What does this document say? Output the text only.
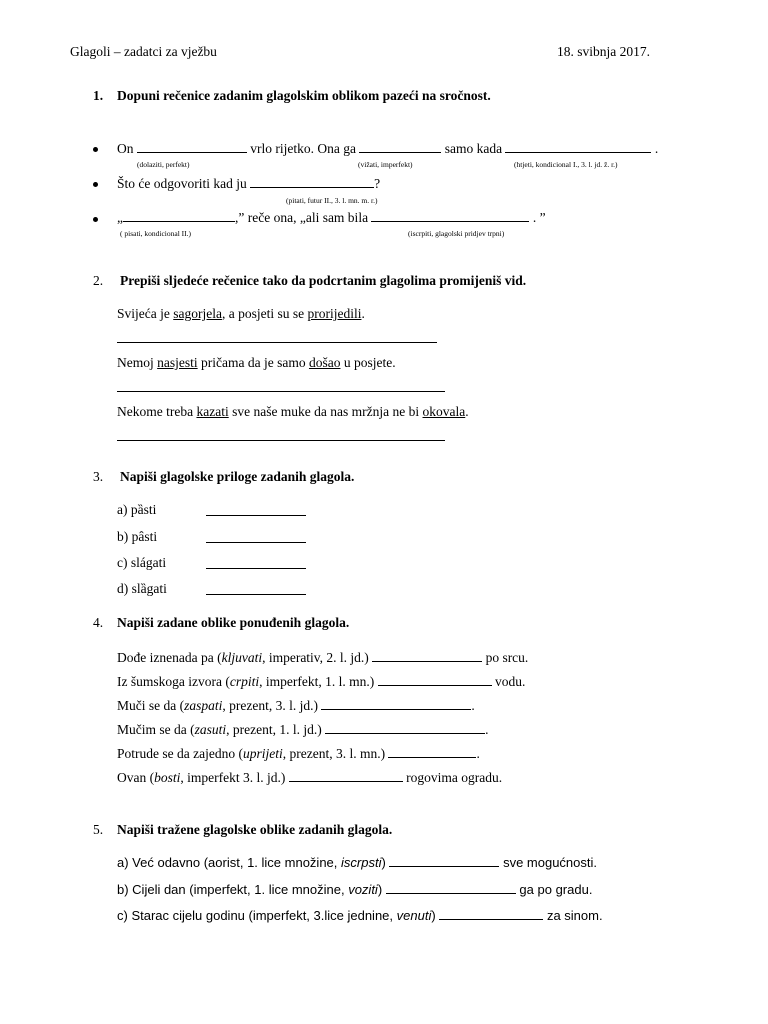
Glagoli – zadatci za vježbu	18. svibnja 2017.
1. Dopuni rečenice zadanim glagolskim oblikom pazeći na sročnost.
On	vrlo rijetko. Ona ga	samo kada	.
(dolaziti, perfekt)	(vižati, imperfekt)	(htjeti, kondicional I., 3. l. jd. ž. r.)
Što će odgovoriti kad ju	?
(pitati, futur II., 3. l. mn. m. r.)
„	,” reče ona, „ali sam bila	. ”
( pisati, kondicional II.)	(iscrpiti, glagolski pridjev trpni)
2. Prepiši sljedeće rečenice tako da podcrtanim glagolima promijeniš vid.
Svijeća je sagorjela, a posjeti su se prorijedili.
Nemoj nasjesti pričama da je samo došao u posjete.
Nekome treba kazati sve naše muke da nas mržnja ne bi okovala.
3. Napiši glagolske priloge zadanih glagola.
a) pȁsti
b) pâsti
c) slágati
d) slȁgati
4. Napiši zadane oblike ponuđenih glagola.
Dođe iznenada pa (kljuvati, imperativ, 2. l. jd.)	po srcu.
Iz šumskoga izvora (crpiti, imperfekt, 1. l. mn.)	vodu.
Muči se da (zaspati, prezent, 3. l. jd.)	.
Mučim se da (zasuti, prezent, 1. l. jd.)	.
Potrude se da zajedno (uprijeti, prezent, 3. l. mn.)	.
Ovan (bosti, imperfekt 3. l. jd.)	rogovima ogradu.
5. Napiši tražene glagolske oblike zadanih glagola.
a) Već odavno (aorist, 1. lice množine, iscrpsti)	sve mogućnosti.
b) Cijeli dan (imperfekt, 1. lice množine, voziti)	ga po gradu.
c) Starac cijelu godinu (imperfekt, 3.lice jednine, venuti)	za sinom.
